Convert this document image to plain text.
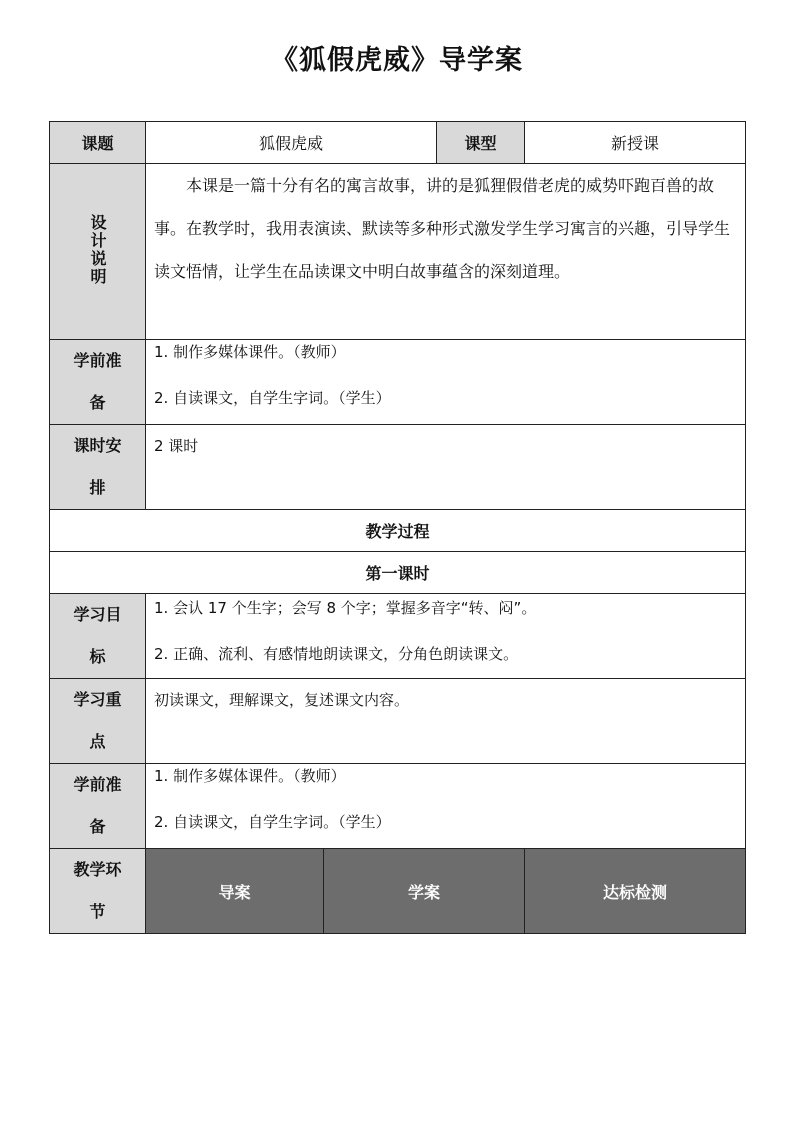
《狐假虎威》导学案
课题	狐假虎威		课型	新授课
设计说明	本课是一篇十分有名的寓言故事，讲的是狐狸假借老虎的威势吓跑百兽的故事。在教学时，我用表演读、默读等多种形式激发学生学习寓言的兴趣，引导学生读文悟情，让学生在品读课文中明白故事蕴含的深刻道理。			
学前准备	1. 制作多媒体课件。（教师）
2. 自读课文，自学生字词。（学生）			

课时安排	2 课时			
教学过程				
第一课时				
学习目标	1. 会认 17 个生字；会写 8 个字；掌握多音字“转、闷”。
2. 正确、流利、有感情地朗读课文，分角色朗读课文。			

学习重点	初读课文，理解课文，复述课文内容。			
学前准备	1. 制作多媒体课件。（教师）
2. 自读课文，自学生字词。（学生）			

教学环节	导案	学案		达标检测
